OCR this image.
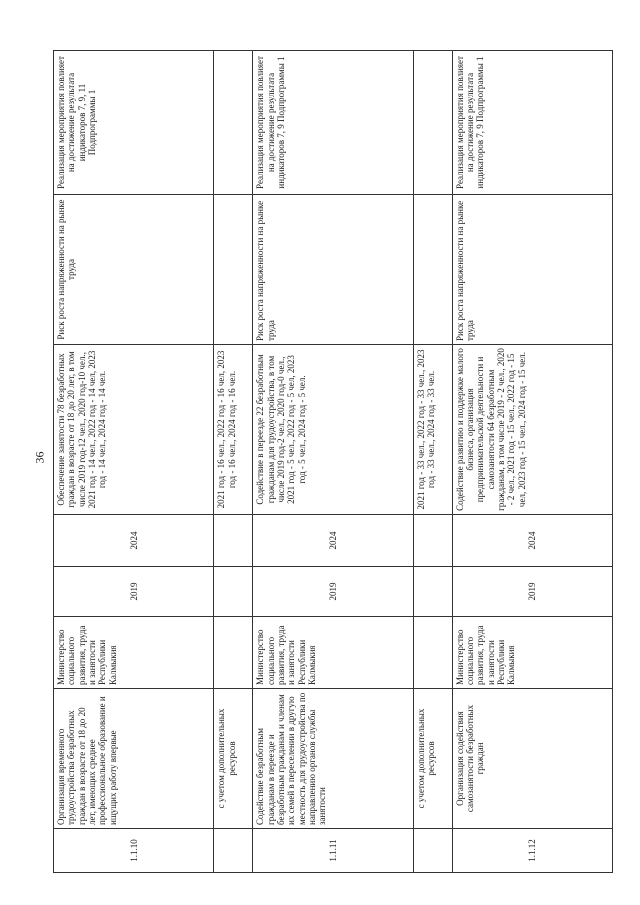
36
1.1.10	Организация временного трудоустройства безработных граждан в возрасте от 18 до 20 лет, имеющих среднее профессиональное образование и ищущих работу впервые	Министерство социального развития, труда и занятости Республики Калмыкия	2019	2024	Обеспечение занятости 78 безработных граждан в возрасте от 18 до 20 лет, в том числе 2019 год-12 чел., 2020 год-10 чел., 2021 год - 14 чел., 2022 год - 14 чел, 2023 год - 14 чел., 2024 год - 14 чел.	Риск роста напряженности на рынке труда	Реализация мероприятия повлияет на достижение результата индикаторов 7, 9, 11 Подпрограммы 1
	с учетом дополнительных ресурсов				2021 год - 16 чел., 2022 год - 16 чел, 2023 год - 16 чел., 2024 год - 16 чел.		
1.1.11	Содействие безработным гражданам в переезде и безработным гражданам и членам их семей в переселении в другую местность для трудоустройства по направлению органов службы занятости	Министерство социального развития, труда и занятости Республики Калмыкия	2019	2024	Содействие в переезде 22 безработным гражданам для трудоустройства, в том числе 2019 год-2 чел., 2020 год-0 чел., 2021 год - 5 чел., 2022 год - 5 чел, 2023 год - 5 чел., 2024 год - 5 чел.	Риск роста напряженности на рынке труда	Реализация мероприятия повлияет на достижение результата индикаторов 7, 9 Подпрограммы 1
	с учетом дополнительных ресурсов				2021 год - 33 чел., 2022 год - 33 чел., 2023 год - 33 чел., 2024 год - 33 чел.		
1.1.12	Организация содействия самозанятости безработных граждан	Министерство социального развития, труда и занятости Республики Калмыкия	2019	2024	Содействие развитию и поддержке малого бизнеса, организация предпринимательской деятельности и самозанятости 64 безработным гражданам, в том числе 2019 - 2 чел., 2020 - 2 чел., 2021 год - 15 чел., 2022 год - 15 чел, 2023 год - 15 чел., 2024 год - 15 чел.	Риск роста напряженности на рынке труда	Реализация мероприятия повлияет на достижение результата индикаторов 7, 9 Подпрограммы 1
